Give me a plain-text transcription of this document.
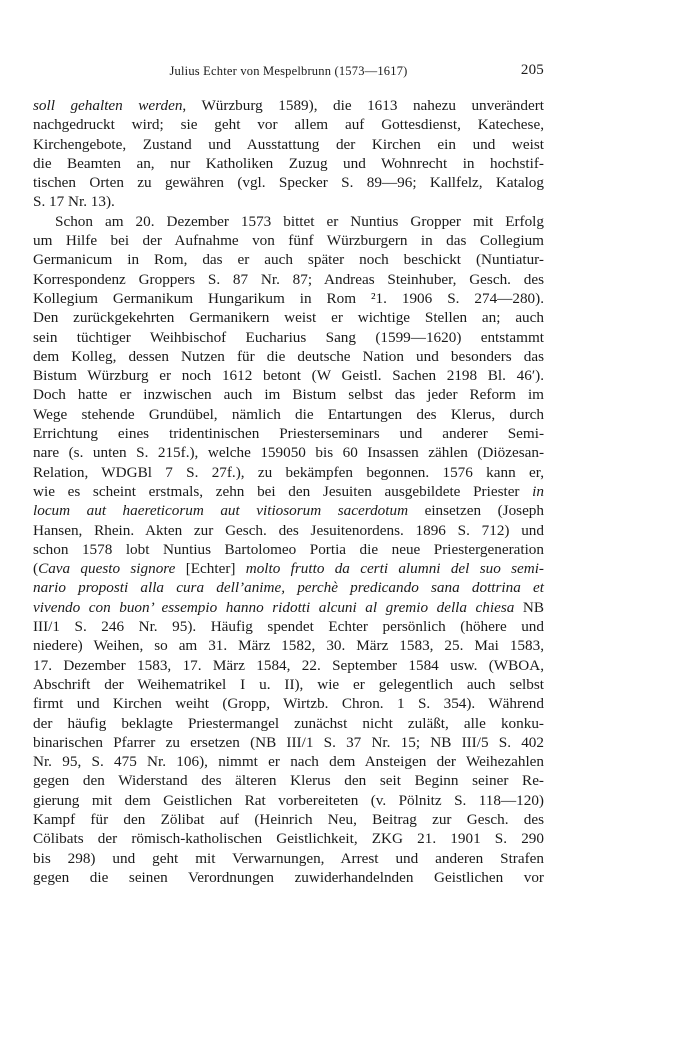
Julius Echter von Mespelbrunn (1573—1617)	205
soll gehalten werden, Würzburg 1589), die 1613 nahezu unverändert
nachgedruckt wird; sie geht vor allem auf Gottesdienst, Katechese,
Kirchengebote, Zustand und Ausstattung der Kirchen ein und weist
die Beamten an, nur Katholiken Zuzug und Wohnrecht in hochstif-
tischen Orten zu gewähren (vgl. Specker S. 89—96; Kallfelz, Katalog
S. 17 Nr. 13).
Schon am 20. Dezember 1573 bittet er Nuntius Gropper mit Erfolg
um Hilfe bei der Aufnahme von fünf Würzburgern in das Collegium
Germanicum in Rom, das er auch später noch beschickt (Nuntiatur-
Korrespondenz Groppers S. 87 Nr. 87; Andreas Steinhuber, Gesch. des
Kollegium Germanikum Hungarikum in Rom ²1. 1906 S. 274—280).
Den zurückgekehrten Germanikern weist er wichtige Stellen an; auch
sein tüchtiger Weihbischof Eucharius Sang (1599—1620) entstammt
dem Kolleg, dessen Nutzen für die deutsche Nation und besonders das
Bistum Würzburg er noch 1612 betont (W Geistl. Sachen 2198 Bl. 46′).
Doch hatte er inzwischen auch im Bistum selbst das jeder Reform im
Wege stehende Grundübel, nämlich die Entartungen des Klerus, durch
Errichtung eines tridentinischen Priesterseminars und anderer Semi-
nare (s. unten S. 215f.), welche 159050 bis 60 Insassen zählen (Diözesan-
Relation, WDGBl 7 S. 27f.), zu bekämpfen begonnen. 1576 kann er,
wie es scheint erstmals, zehn bei den Jesuiten ausgebildete Priester in
locum aut haereticorum aut vitiosorum sacerdotum einsetzen (Joseph
Hansen, Rhein. Akten zur Gesch. des Jesuitenordens. 1896 S. 712) und
schon 1578 lobt Nuntius Bartolomeo Portia die neue Priestergeneration
(Cava questo signore [Echter] molto frutto da certi alumni del suo semi-
nario proposti alla cura dell’anime, perchè predicando sana dottrina et
vivendo con buon’ essempio hanno ridotti alcuni al gremio della chiesa NB
III/1 S. 246 Nr. 95). Häufig spendet Echter persönlich (höhere und
niedere) Weihen, so am 31. März 1582, 30. März 1583, 25. Mai 1583,
17. Dezember 1583, 17. März 1584, 22. September 1584 usw. (WBOA,
Abschrift der Weihematrikel I u. II), wie er gelegentlich auch selbst
firmt und Kirchen weiht (Gropp, Wirtzb. Chron. 1 S. 354). Während
der häufig beklagte Priestermangel zunächst nicht zuläßt, alle konku-
binarischen Pfarrer zu ersetzen (NB III/1 S. 37 Nr. 15; NB III/5 S. 402
Nr. 95, S. 475 Nr. 106), nimmt er nach dem Ansteigen der Weihezahlen
gegen den Widerstand des älteren Klerus den seit Beginn seiner Re-
gierung mit dem Geistlichen Rat vorbereiteten (v. Pölnitz S. 118—120)
Kampf für den Zölibat auf (Heinrich Neu, Beitrag zur Gesch. des
Cölibats der römisch-katholischen Geistlichkeit, ZKG 21. 1901 S. 290
bis 298) und geht mit Verwarnungen, Arrest und anderen Strafen
gegen die seinen Verordnungen zuwiderhandelnden Geistlichen vor
